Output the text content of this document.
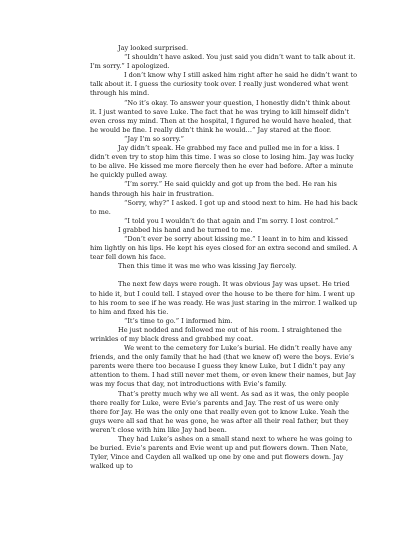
Jay looked surprised.

“I shouldn’t have asked. You just said you didn’t want to talk about it. I’m sorry.” I apologized.

I don’t know why I still asked him right after he said he didn’t want to talk about it. I guess the curiosity took over. I really just wondered what went through his mind.

“No it’s okay. To answer your question, I honestly didn’t think about it. I just wanted to save Luke. The fact that he was trying to kill himself didn’t even cross my mind. Then at the hospital, I figured he would have healed, that he would be fine. I really didn’t think he would…” Jay stared at the floor.

“Jay I’m so sorry.”

Jay didn’t speak. He grabbed my face and pulled me in for a kiss. I didn’t even try to stop him this time. I was so close to losing him. Jay was lucky to be alive. He kissed me more fiercely then he ever had before. After a minute he quickly pulled away.

“I’m sorry.” He said quickly and got up from the bed. He ran his hands through his hair in frustration.

“Sorry, why?” I asked. I got up and stood next to him. He had his back to me.

“I told you I wouldn’t do that again and I’m sorry. I lost control.”

I grabbed his hand and he turned to me.

“Don’t ever be sorry about kissing me.” I leant in to him and kissed him lightly on his lips. He kept his eyes closed for an extra second and smiled. A tear fell down his face.

Then this time it was me who was kissing Jay fiercely.

The next few days were rough. It was obvious Jay was upset. He tried to hide it, but I could tell. I stayed over the house to be there for him. I went up to his room to see if he was ready. He was just staring in the mirror. I walked up to him and fixed his tie.

“It’s time to go.” I informed him.

He just nodded and followed me out of his room. I straightened the wrinkles of my black dress and grabbed my coat.

We went to the cemetery for Luke’s burial. He didn’t really have any friends, and the only family that he had (that we knew of) were the boys. Evie’s parents were there too because I guess they knew Luke, but I didn’t pay any attention to them. I had still never met them, or even knew their names, but Jay was my focus that day, not introductions with Evie’s family.

That’s pretty much why we all went. As sad as it was, the only people there really for Luke, were Evie’s parents and Jay. The rest of us were only there for Jay. He was the only one that really even got to know Luke. Yeah the guys were all sad that he was gone, he was after all their real father, but they weren’t close with him like Jay had been.

They had Luke’s ashes on a small stand next to where he was going to be buried. Evie’s parents and Evie went up and put flowers down. Then Nate, Tyler, Vince and Cayden all walked up one by one and put flowers down. Jay walked up to
